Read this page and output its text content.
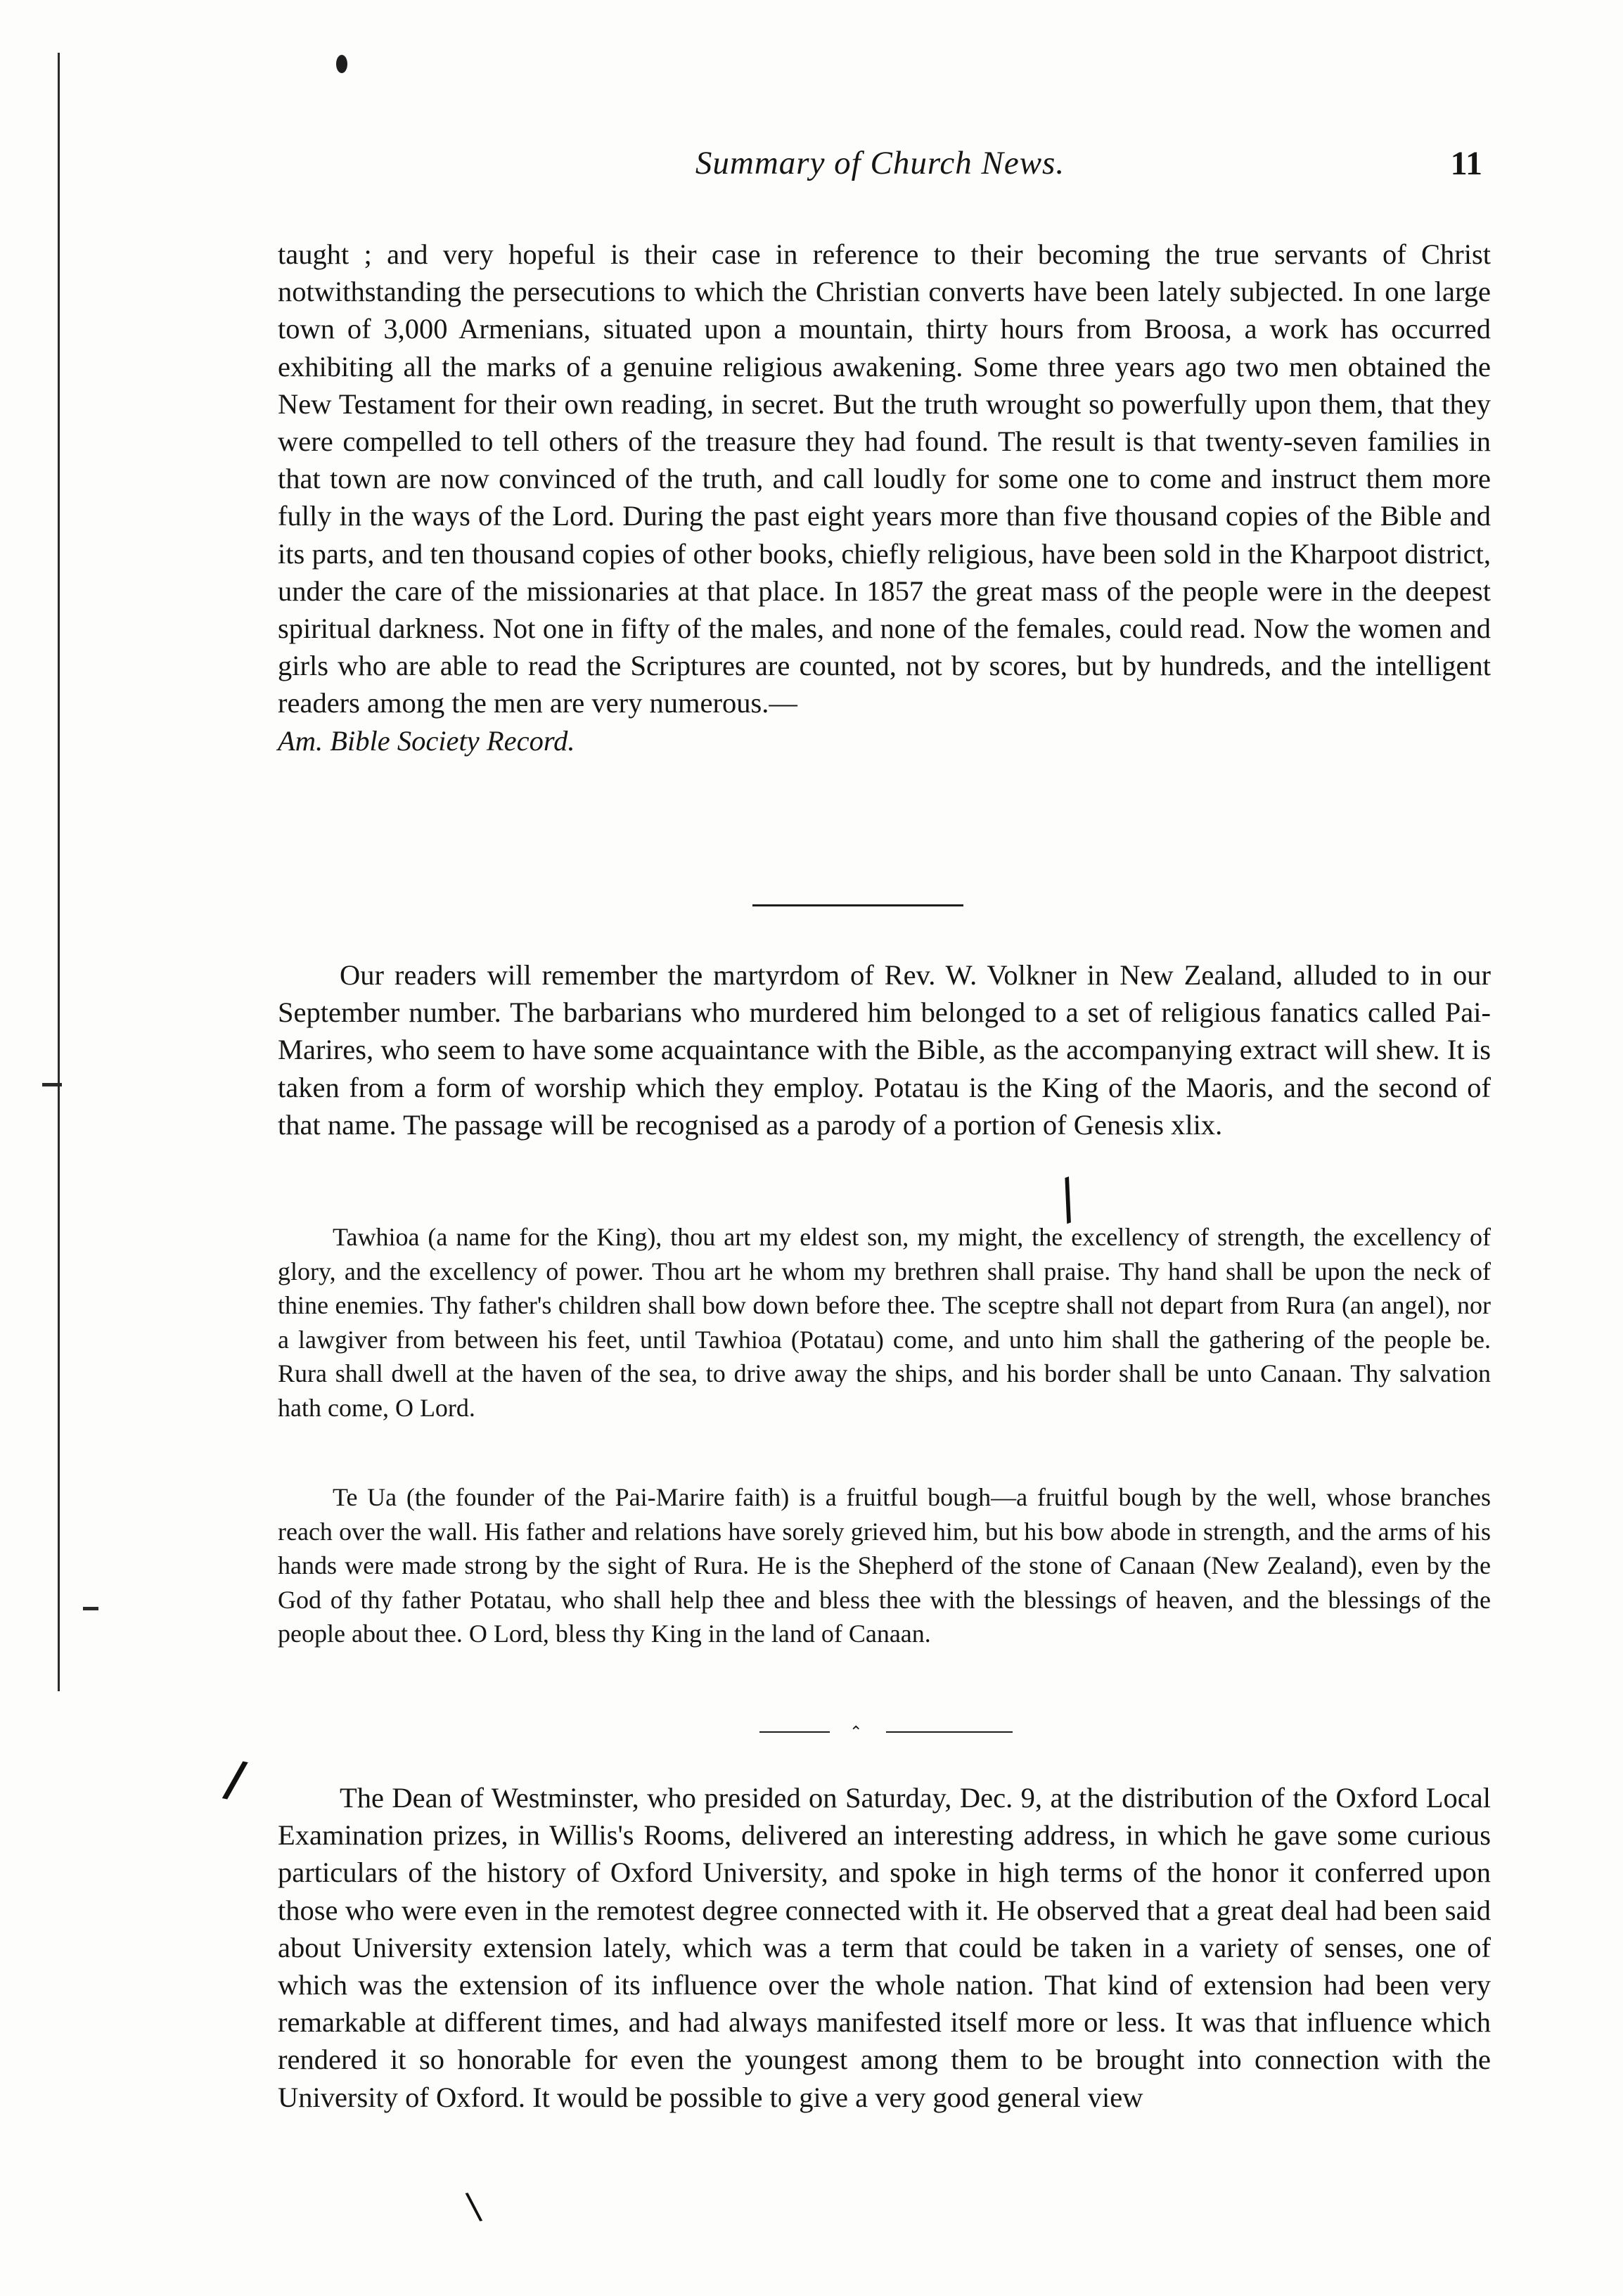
Summary of Church News.	11

taught ; and very hopeful is their case in reference to their becoming the true servants of Christ notwithstanding the persecutions to which the Christian converts have been lately subjected. In one large town of 3,000 Armenians, situated upon a mountain, thirty hours from Broosa, a work has occurred exhibiting all the marks of a genuine religious awakening. Some three years ago two men obtained the New Testament for their own reading, in secret. But the truth wrought so powerfully upon them, that they were compelled to tell others of the treasure they had found. The result is that twenty-seven families in that town are now convinced of the truth, and call loudly for some one to come and instruct them more fully in the ways of the Lord. During the past eight years more than five thousand copies of the Bible and its parts, and ten thousand copies of other books, chiefly religious, have been sold in the Kharpoot district, under the care of the missionaries at that place. In 1857 the great mass of the people were in the deepest spiritual darkness. Not one in fifty of the males, and none of the females, could read. Now the women and girls who are able to read the Scriptures are counted, not by scores, but by hundreds, and the intelligent readers among the men are very numerous.—
Am. Bible Society Record.

Our readers will remember the martyrdom of Rev. W. Volkner in New Zealand, alluded to in our September number. The barbarians who murdered him belonged to a set of religious fanatics called Pai-Marires, who seem to have some acquaintance with the Bible, as the accompanying extract will shew. It is taken from a form of worship which they employ. Potatau is the King of the Maoris, and the second of that name. The passage will be recognised as a parody of a portion of Genesis xlix.

/

Tawhioa (a name for the King), thou art my eldest son, my might, the excellency of strength, the excellency of glory, and the excellency of power. Thou art he whom my brethren shall praise. Thy hand shall be upon the neck of thine enemies. Thy father's children shall bow down before thee. The sceptre shall not depart from Rura (an angel), nor a lawgiver from between his feet, until Tawhioa (Potatau) come, and unto him shall the gathering of the people be. Rura shall dwell at the haven of the sea, to drive away the ships, and his border shall be unto Canaan. Thy salvation hath come, O Lord.

Te Ua (the founder of the Pai-Marire faith) is a fruitful bough—a fruitful bough by the well, whose branches reach over the wall. His father and relations have sorely grieved him, but his bow abode in strength, and the arms of his hands were made strong by the sight of Rura. He is the Shepherd of the stone of Canaan (New Zealand), even by the God of thy father Potatau, who shall help thee and bless thee with the blessings of heaven, and the blessings of the people about thee. O Lord, bless thy King in the land of Canaan.

⌃
/	The Dean of Westminster, who presided on Saturday, Dec. 9, at the distribution of the Oxford Local Examination prizes, in Willis's Rooms, delivered an interesting address, in which he gave some curious particulars of the history of Oxford University, and spoke in high terms of the honor it conferred upon those who were even in the remotest degree connected with it. He observed that a great deal had been said about University extension lately, which was a term that could be taken in a variety of senses, one of which was the extension of its influence over the whole nation. That kind of extension had been very remarkable at different times, and had always manifested itself more or less. It was that influence which rendered it so honorable for even the youngest among them to be brought into connection with the University of Oxford. It would be possible to give a very good general view

\
